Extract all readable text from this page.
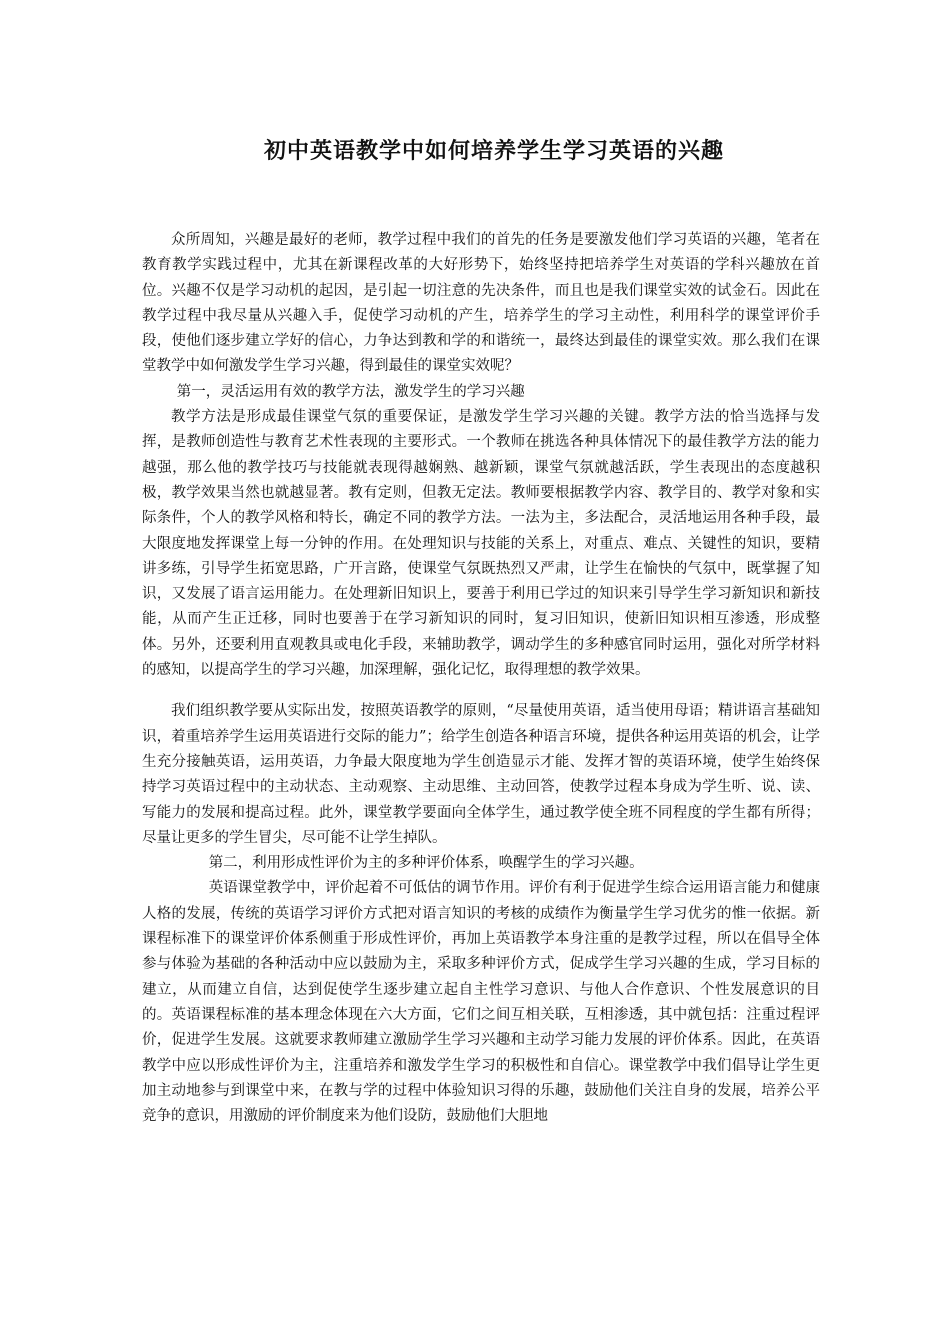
初中英语教学中如何培养学生学习英语的兴趣

众所周知，兴趣是最好的老师，教学过程中我们的首先的任务是要激发他们学习英语的兴趣，笔者在教育教学实践过程中，尤其在新课程改革的大好形势下，始终坚持把培养学生对英语的学科兴趣放在首位。兴趣不仅是学习动机的起因，是引起一切注意的先决条件，而且也是我们课堂实效的试金石。因此在教学过程中我尽量从兴趣入手，促使学习动机的产生，培养学生的学习主动性，利用科学的课堂评价手段，使他们逐步建立学好的信心，力争达到教和学的和谐统一，最终达到最佳的课堂实效。那么我们在课堂教学中如何激发学生学习兴趣，得到最佳的课堂实效呢？

第一，灵活运用有效的教学方法，激发学生的学习兴趣

教学方法是形成最佳课堂气氛的重要保证，是激发学生学习兴趣的关键。教学方法的恰当选择与发挥，是教师创造性与教育艺术性表现的主要形式。一个教师在挑选各种具体情况下的最佳教学方法的能力越强，那么他的教学技巧与技能就表现得越娴熟、越新颖，课堂气氛就越活跃，学生表现出的态度越积极，教学效果当然也就越显著。教有定则，但教无定法。教师要根据教学内容、教学目的、教学对象和实际条件，个人的教学风格和特长，确定不同的教学方法。一法为主，多法配合，灵活地运用各种手段，最大限度地发挥课堂上每一分钟的作用。在处理知识与技能的关系上，对重点、难点、关键性的知识，要精讲多练，引导学生拓宽思路，广开言路，使课堂气氛既热烈又严肃，让学生在愉快的气氛中，既掌握了知识，又发展了语言运用能力。在处理新旧知识上，要善于利用已学过的知识来引导学生学习新知识和新技能，从而产生正迁移，同时也要善于在学习新知识的同时，复习旧知识，使新旧知识相互渗透，形成整体。另外，还要利用直观教具或电化手段，来辅助教学，调动学生的多种感官同时运用，强化对所学材料的感知，以提高学生的学习兴趣，加深理解，强化记忆，取得理想的教学效果。

我们组织教学要从实际出发，按照英语教学的原则，“尽量使用英语，适当使用母语；精讲语言基础知识，着重培养学生运用英语进行交际的能力”；给学生创造各种语言环境，提供各种运用英语的机会，让学生充分接触英语，运用英语，力争最大限度地为学生创造显示才能、发挥才智的英语环境，使学生始终保持学习英语过程中的主动状态、主动观察、主动思维、主动回答，使教学过程本身成为学生听、说、读、写能力的发展和提高过程。此外，课堂教学要面向全体学生，通过教学使全班不同程度的学生都有所得；尽量让更多的学生冒尖，尽可能不让学生掉队。

第二，利用形成性评价为主的多种评价体系，唤醒学生的学习兴趣。

英语课堂教学中，评价起着不可低估的调节作用。评价有利于促进学生综合运用语言能力和健康人格的发展，传统的英语学习评价方式把对语言知识的考核的成绩作为衡量学生学习优劣的惟一依据。新课程标准下的课堂评价体系侧重于形成性评价，再加上英语教学本身注重的是教学过程，所以在倡导全体参与体验为基础的各种活动中应以鼓励为主，采取多种评价方式，促成学生学习兴趣的生成，学习目标的建立，从而建立自信，达到促使学生逐步建立起自主性学习意识、与他人合作意识、个性发展意识的目的。英语课程标准的基本理念体现在六大方面，它们之间互相关联，互相渗透，其中就包括：注重过程评价，促进学生发展。这就要求教师建立激励学生学习兴趣和主动学习能力发展的评价体系。因此，在英语教学中应以形成性评价为主，注重培养和激发学生学习的积极性和自信心。课堂教学中我们倡导让学生更加主动地参与到课堂中来，在教与学的过程中体验知识习得的乐趣，鼓励他们关注自身的发展，培养公平竞争的意识，用激励的评价制度来为他们设防，鼓励他们大胆地
